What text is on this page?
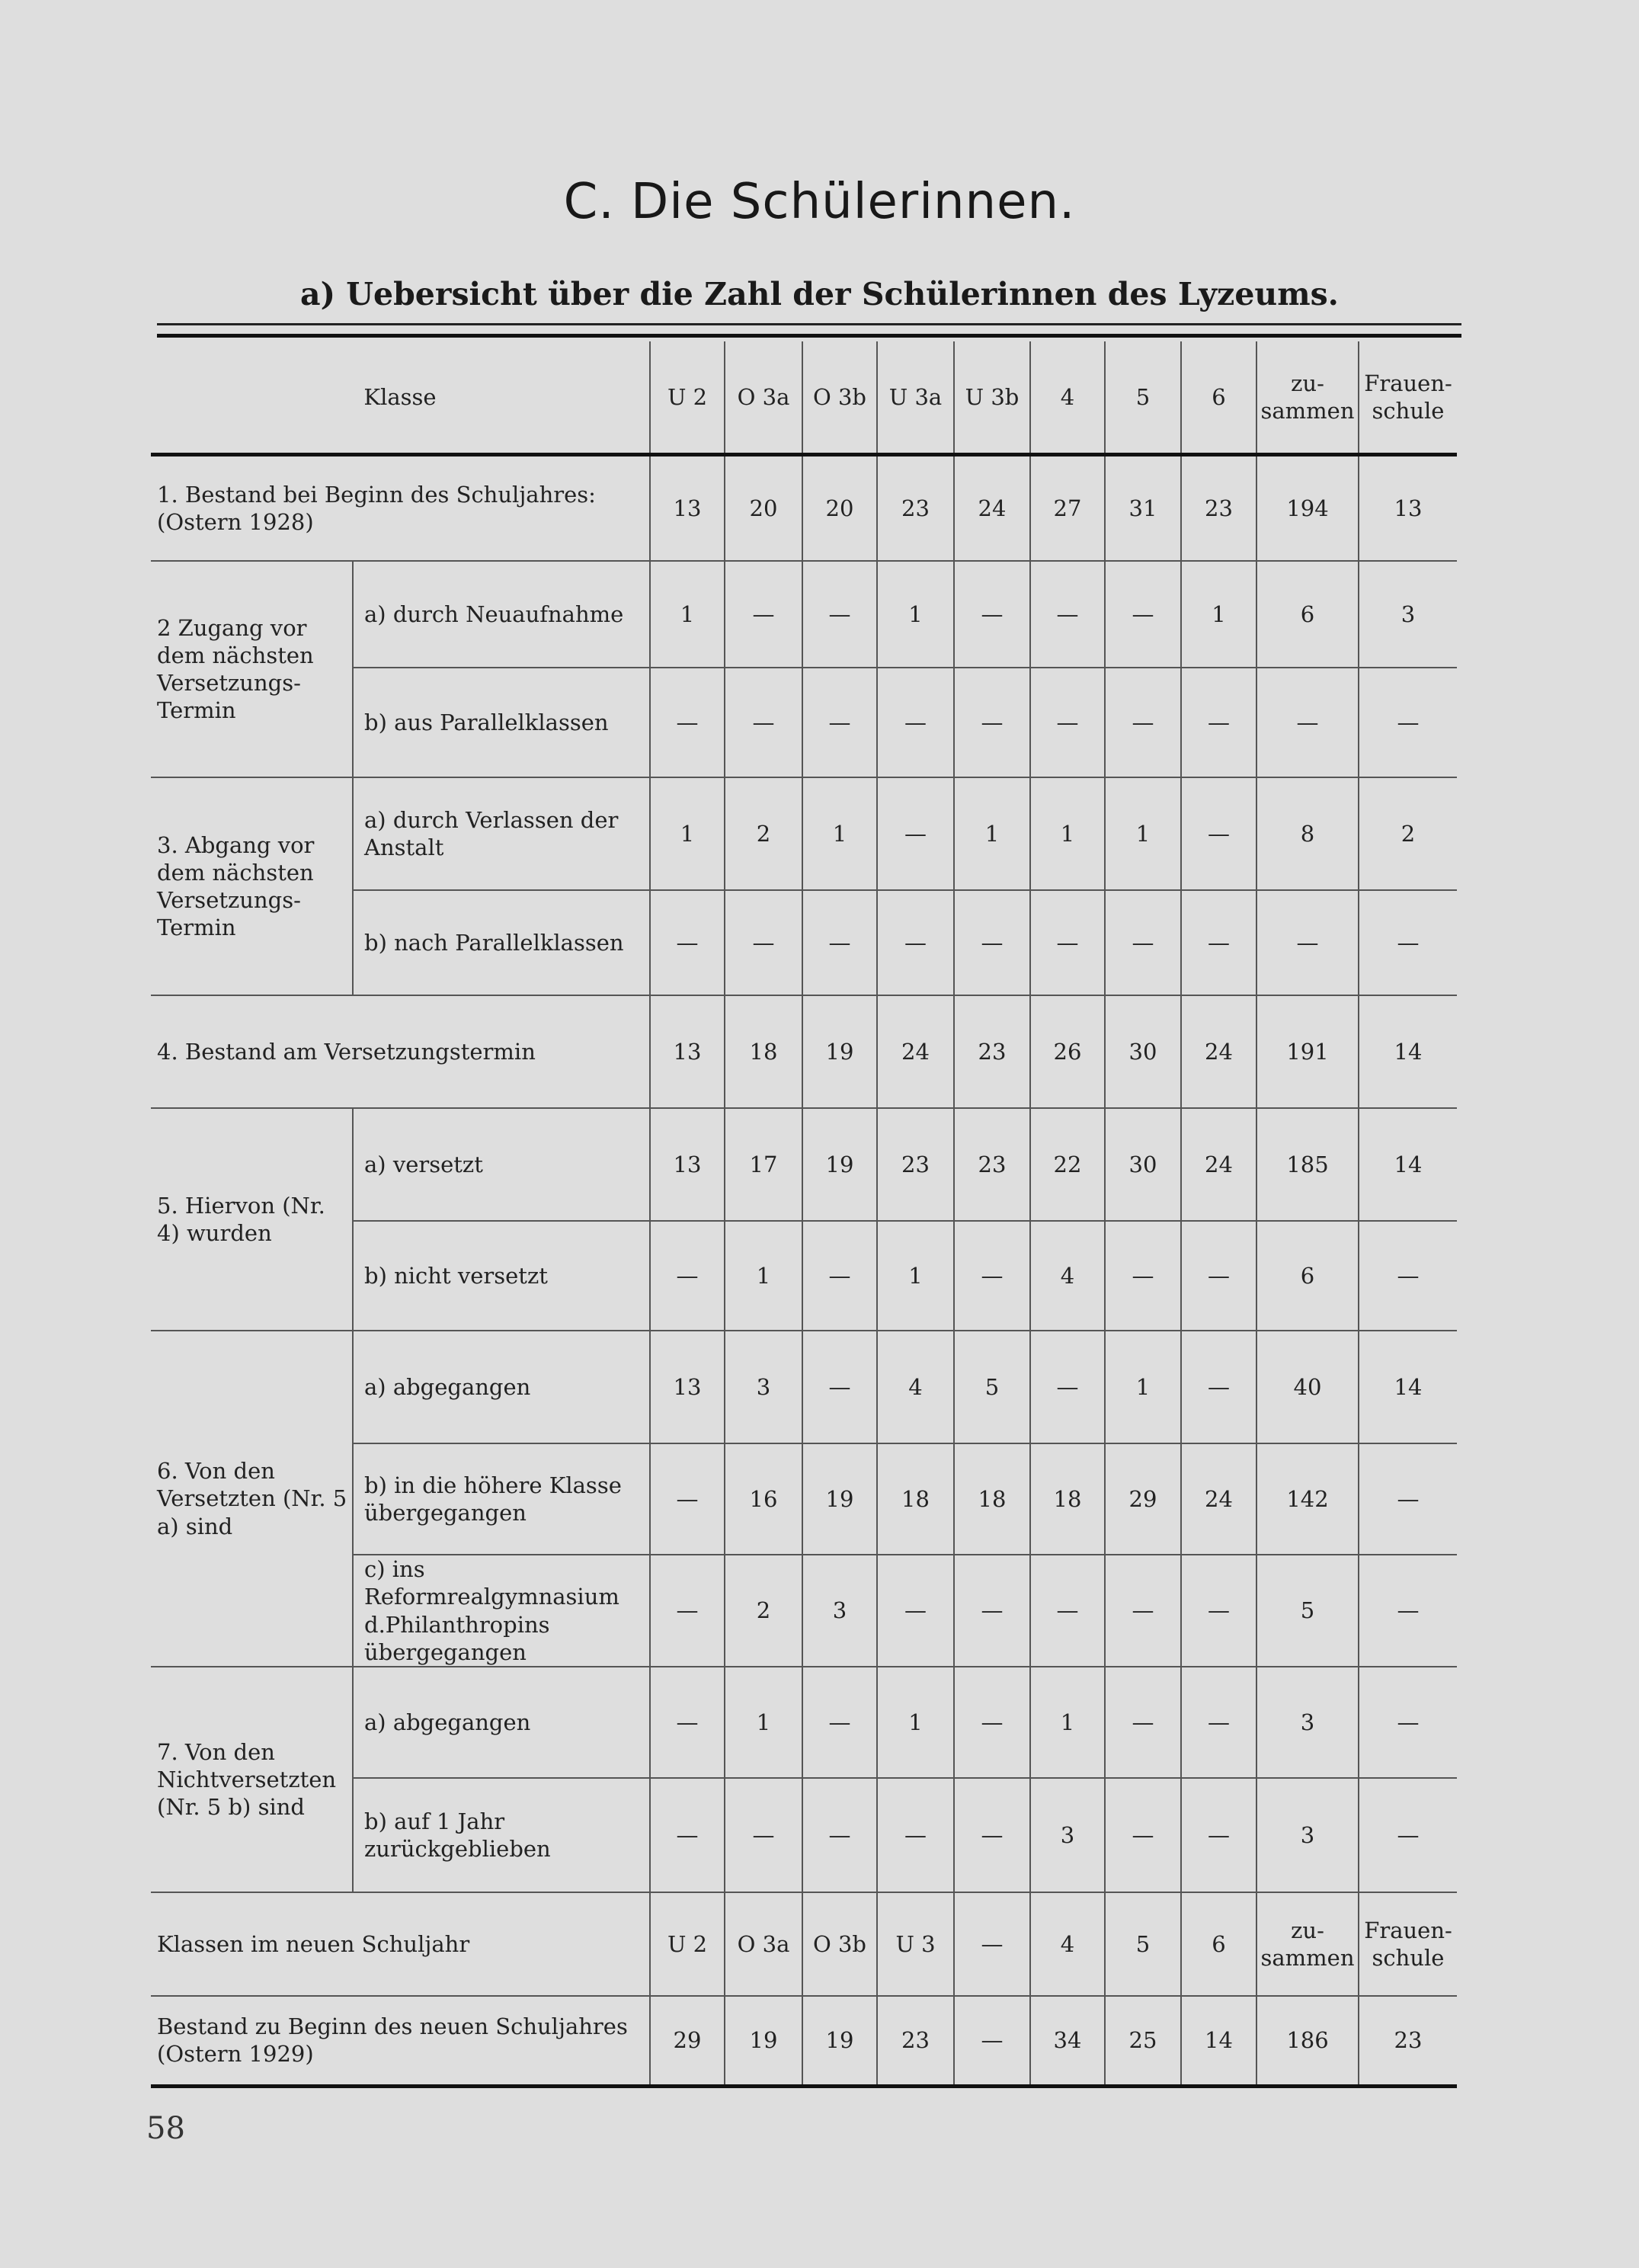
C. Die Schülerinnen.
a) Uebersicht über die Zahl der Schülerinnen des Lyzeums.
Klasse		U 2	O 3a	O 3b	U 3a	U 3b	4	5	6	zu-sammen	Frauen-schule
1. Bestand bei Beginn des Schuljahres: (Ostern 1928)		13	20	20	23	24	27	31	23	194	13
2 Zugang vor dem nächsten Versetzungs-Termin	a) durch Neuaufnahme	1	—	—	1	—	—	—	1	6	3
	b) aus Parallelklassen	—	—	—	—	—	—	—	—	—	—
3. Abgang vor dem nächsten Versetzungs-Termin	a) durch Verlassen der Anstalt	1	2	1	—	1	1	1	—	8	2
	b) nach Parallelklassen	—	—	—	—	—	—	—	—	—	—
4. Bestand am Versetzungstermin		13	18	19	24	23	26	30	24	191	14
5. Hiervon (Nr. 4) wurden	a) versetzt	13	17	19	23	23	22	30	24	185	14
	b) nicht versetzt	—	1	—	1	—	4	—	—	6	—
6. Von den Versetzten (Nr. 5 a) sind	a) abgegangen	13	3	—	4	5	—	1	—	40	14
	b) in die höhere Klasse übergegangen	—	16	19	18	18	18	29	24	142	—
	c) ins Reformrealgymnasium d.Philanthropins übergegangen	—	2	3	—	—	—	—	—	5	—
7. Von den Nichtversetzten (Nr. 5 b) sind	a) abgegangen	—	1	—	1	—	1	—	—	3	—
	b) auf 1 Jahr zurückgeblieben	—	—	—	—	—	3	—	—	3	—
Klassen im neuen Schuljahr		U 2	O 3a	O 3b	U 3	—	4	5	6	zu-sammen	Frauen-schule
Bestand zu Beginn des neuen Schuljahres (Ostern 1929)		29	19	19	23	—	34	25	14	186	23
58
